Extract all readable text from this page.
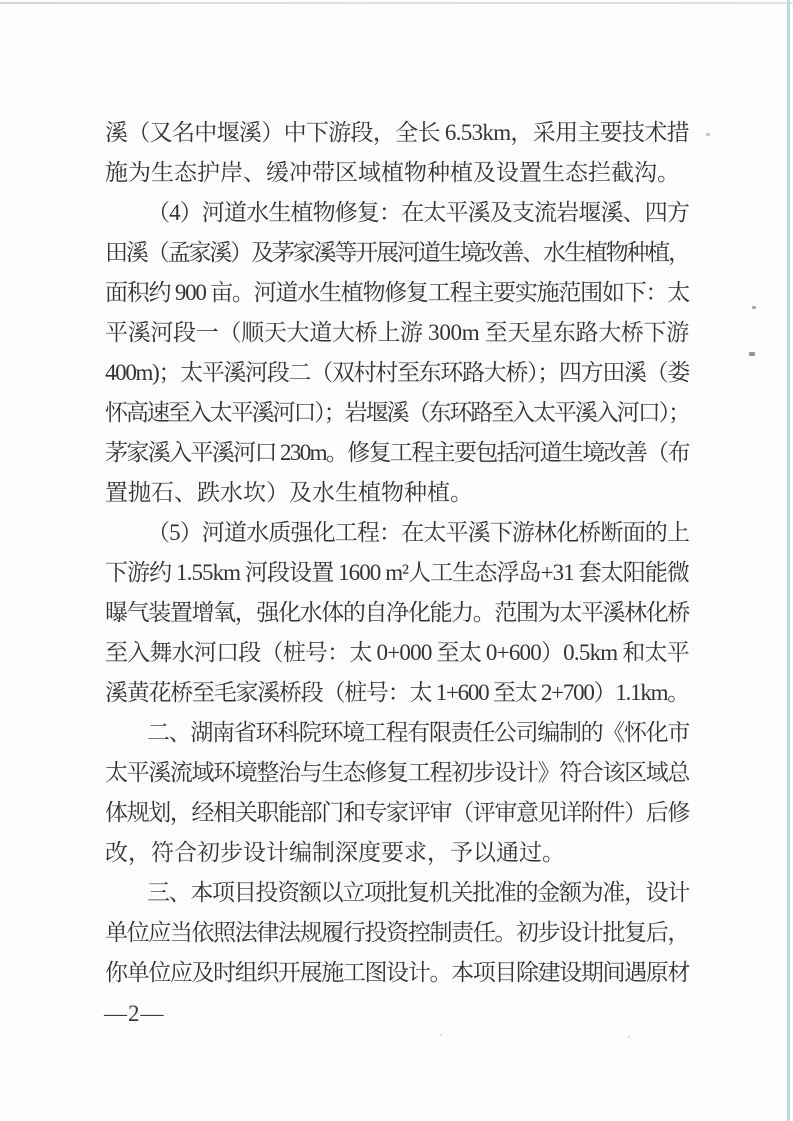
溪（又名中堰溪）中下游段，全长 6.53km，采用主要技术措
施为生态护岸、缓冲带区域植物种植及设置生态拦截沟。
（4）河道水生植物修复：在太平溪及支流岩堰溪、四方
田溪（孟家溪）及茅家溪等开展河道生境改善、水生植物种植，
面积约 900 亩。河道水生植物修复工程主要实施范围如下：太
平溪河段一（顺天大道大桥上游 300m 至天星东路大桥下游
400m)；太平溪河段二（双村村至东环路大桥）；四方田溪（娄
怀高速至入太平溪河口）；岩堰溪（东环路至入太平溪入河口）；
茅家溪入平溪河口 230m。修复工程主要包括河道生境改善（布
置抛石、跌水坎）及水生植物种植。
（5）河道水质强化工程：在太平溪下游林化桥断面的上
下游约 1.55km 河段设置 1600 m²人工生态浮岛+31 套太阳能微
曝气装置增氧，强化水体的自净化能力。范围为太平溪林化桥
至入舞水河口段（桩号：太 0+000 至太 0+600）0.5km 和太平
溪黄花桥至毛家溪桥段（桩号：太 1+600 至太 2+700）1.1km。
二、湖南省环科院环境工程有限责任公司编制的《怀化市
太平溪流域环境整治与生态修复工程初步设计》符合该区域总
体规划，经相关职能部门和专家评审（评审意见详附件）后修
改，符合初步设计编制深度要求，予以通过。
三、本项目投资额以立项批复机关批准的金额为准，设计
单位应当依照法律法规履行投资控制责任。初步设计批复后，
你单位应及时组织开展施工图设计。本项目除建设期间遇原材
—2—
